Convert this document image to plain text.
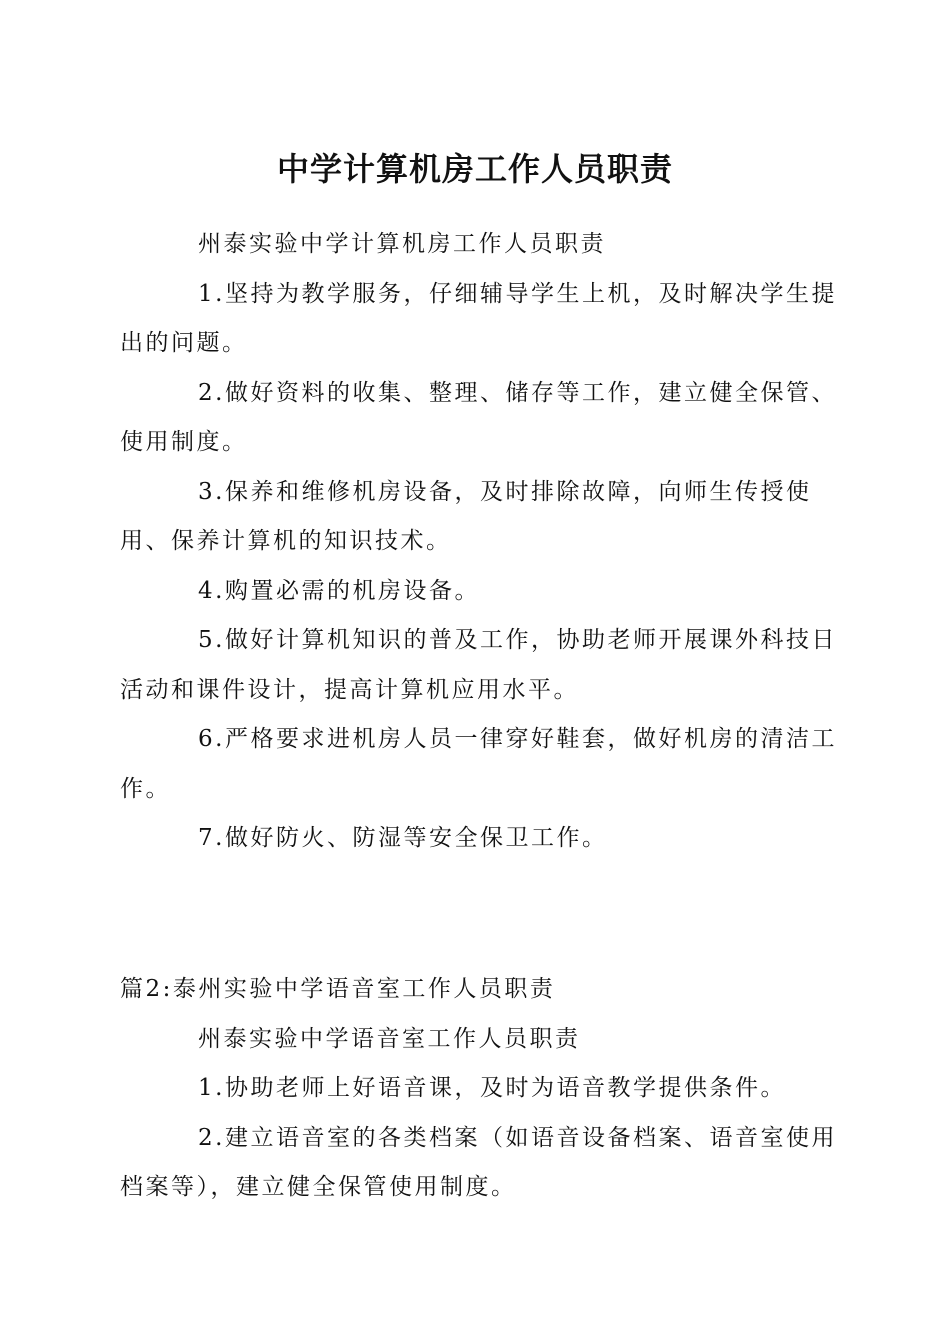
中学计算机房工作人员职责

州泰实验中学计算机房工作人员职责

1.坚持为教学服务，仔细辅导学生上机，及时解决学生提出的问题。

2.做好资料的收集、整理、储存等工作，建立健全保管、使用制度。

3.保养和维修机房设备，及时排除故障，向师生传授使用、保养计算机的知识技术。

4.购置必需的机房设备。

5.做好计算机知识的普及工作，协助老师开展课外科技日活动和课件设计，提高计算机应用水平。

6.严格要求进机房人员一律穿好鞋套，做好机房的清洁工作。

7.做好防火、防湿等安全保卫工作。

篇2:泰州实验中学语音室工作人员职责

州泰实验中学语音室工作人员职责

1.协助老师上好语音课，及时为语音教学提供条件。

2.建立语音室的各类档案（如语音设备档案、语音室使用档案等），建立健全保管使用制度。
